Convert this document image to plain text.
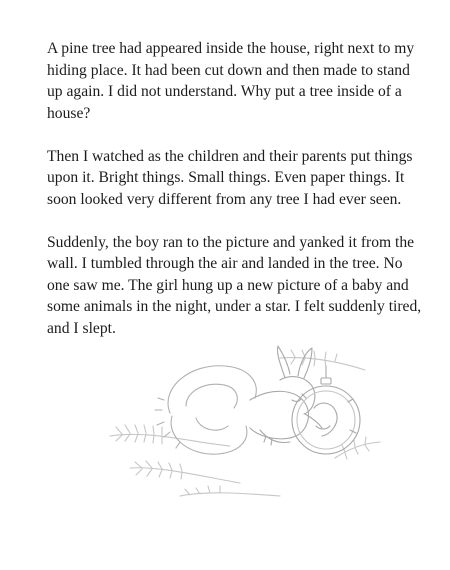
A pine tree had appeared inside the house, right next to my hiding place. It had been cut down and then made to stand up again. I did not understand. Why put a tree inside of a house?

Then I watched as the children and their parents put things upon it. Bright things. Small things. Even paper things. It soon looked very different from any tree I had ever seen.

Suddenly, the boy ran to the picture and yanked it from the wall. I tumbled through the air and landed in the tree. No one saw me. The girl hung up a new picture of a baby and some animals in the night, under a star. I felt suddenly tired, and I slept.
